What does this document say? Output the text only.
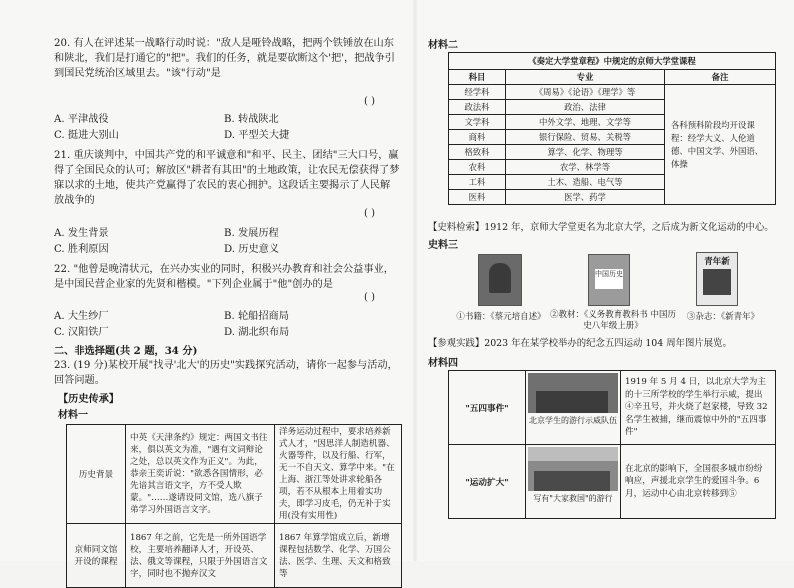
20. 有人在评述某一战略行动时说："敌人是哑铃战略，把两个铁锤放在山东和陕北，我们是打通它的"把"。我们的任务，就是要砍断这个'把'，把战争引到国民党统治区域里去。"该"行动"是
( )
A. 平津战役	B. 转战陕北
C. 挺进大别山	D. 平型关大捷
21. 重庆谈判中，中国共产党的和平诚意和"和平、民主、团结"三大口号，赢得了全国民众的认可；解放区"耕者有其田"的土地政策，让农民无偿获得了梦寐以求的土地，使共产党赢得了农民的衷心拥护。这段话主要揭示了人民解放战争的
( )
A. 发生背景	B. 发展历程
C. 胜利原因	D. 历史意义
22. "他曾是晚清状元，在兴办实业的同时，积极兴办教育和社会公益事业，是中国民营企业家的先贤和楷模。"下列企业属于"他"创办的是
( )
A. 大生纱厂	B. 轮船招商局
C. 汉阳铁厂	D. 湖北织布局
二、非选择题(共 2 题，34 分)
23. (19 分)某校开展"找寻'北大'的历史"实践探究活动，请你一起参与活动，回答问题。
【历史传承】
材料一
历史背景	中英《天津条约》规定：两国文书往来，俱以英文为准，"遇有文词辩论之处，总以英文作为正义"。为此，恭亲王奕䜣说："欲悉各国情形，必先谙其言语文字，方不受人欺蒙。"……遂请设同文馆，选八旗子弟学习外国语言文字。	洋务运动过程中，要求培养新式人才，"因思洋人制造机器、火器等件，以及行船、行军，无一不自天文、算学中来。"在上海、浙江等处讲求轮船各项，若不从根本上用着实功夫，即学习皮毛，仍无补于实用(没有实用性)
京师同文馆开设的课程	1867 年之前，它先是一所外国语学校，主要培养翻译人才，开设英、法、俄文等课程，只限于外国语言文字，同时也不抛弃汉文	1867 年算学馆成立后，新增课程包括数学、化学、万国公法、医学、生理、天文和格致等
材料二
《奏定大学堂章程》中规定的京师大学堂课程		
科目	专业	备注
经学科	《周易》《论语》《理学》等	各科预科阶段均开设课程：经学大义、人伦道德、中国文学、外国语、体操
政法科	政治、法律	
文学科	中外文学、地理、文学等	
商科	银行保险、贸易、关税等	
格致科	算学、化学、物理等	
农科	农学、林学等	
工科	土木、造船、电气等	
医科	医学、药学	
【史料检索】1912 年，京师大学堂更名为北京大学，之后成为新文化运动的中心。
史料三
中国历史
青年新
①书籍：《蔡元培自述》 ②教材：《义务教育教科书 中国历史八年级上册》
③杂志：《新青年》
【参观实践】2023 年在某学校举办的纪念五四运动 104 周年图片展览。
材料四
"五四事件"	北京学生的游行示威队伍	1919 年 5 月 4 日，以北京大学为主的十三所学校的学生举行示威，提出④辛丑号，并火烧了赵家楼，导致 32 名学生被捕，继而震惊中外的"五四事件"
"运动扩大"	写有"大家救国"的游行	在北京的影响下，全国很多城市纷纷响应，声援北京学生的爱国斗争。6 月，运动中心由北京转移到⑤
